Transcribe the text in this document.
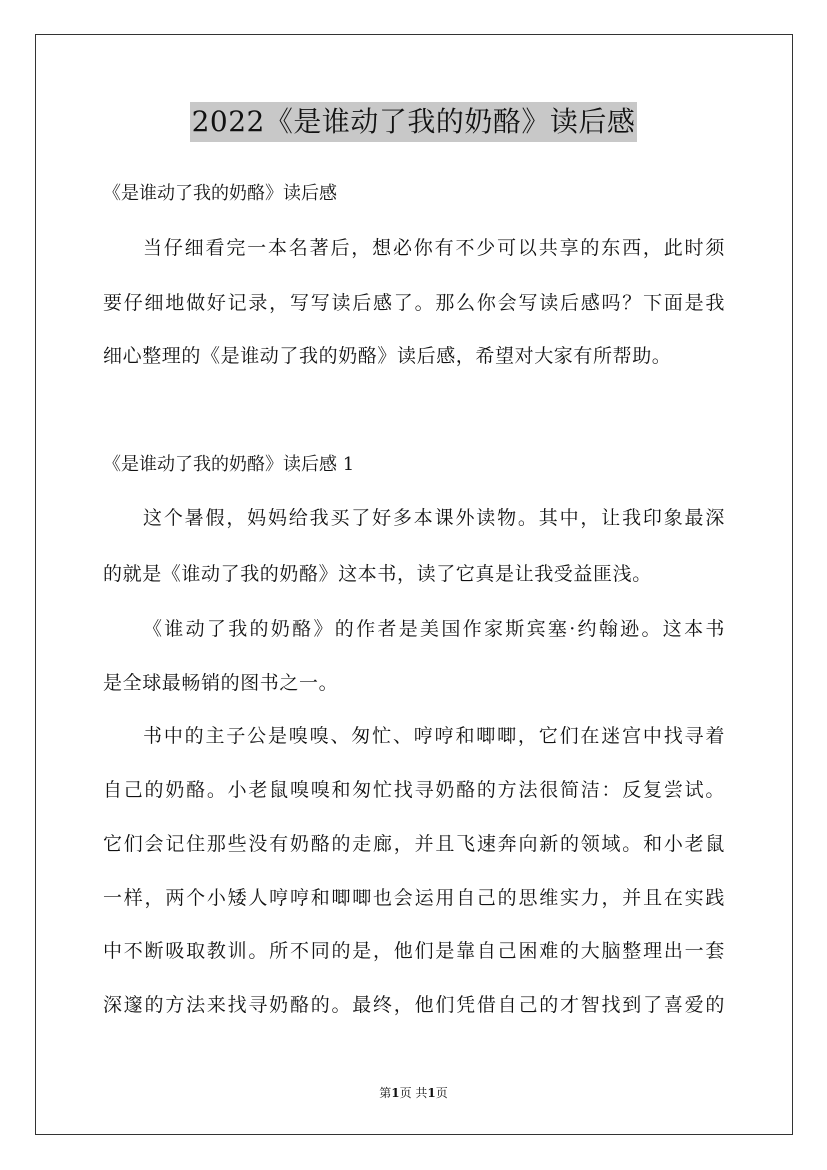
2022《是谁动了我的奶酪》读后感
《是谁动了我的奶酪》读后感
当仔细看完一本名著后，想必你有不少可以共享的东西，此时须
要仔细地做好记录，写写读后感了。那么你会写读后感吗？下面是我
细心整理的《是谁动了我的奶酪》读后感，希望对大家有所帮助。
《是谁动了我的奶酪》读后感 1
这个暑假，妈妈给我买了好多本课外读物。其中，让我印象最深
的就是《谁动了我的奶酪》这本书，读了它真是让我受益匪浅。
《谁动了我的奶酪》的作者是美国作家斯宾塞·约翰逊。这本书
是全球最畅销的图书之一。
书中的主子公是嗅嗅、匆忙、哼哼和唧唧，它们在迷宫中找寻着
自己的奶酪。小老鼠嗅嗅和匆忙找寻奶酪的方法很简洁：反复尝试。
它们会记住那些没有奶酪的走廊，并且飞速奔向新的领域。和小老鼠
一样，两个小矮人哼哼和唧唧也会运用自己的思维实力，并且在实践
中不断吸取教训。所不同的是，他们是靠自己困难的大脑整理出一套
深邃的方法来找寻奶酪的。最终，他们凭借自己的才智找到了喜爱的
第1页 共1页
